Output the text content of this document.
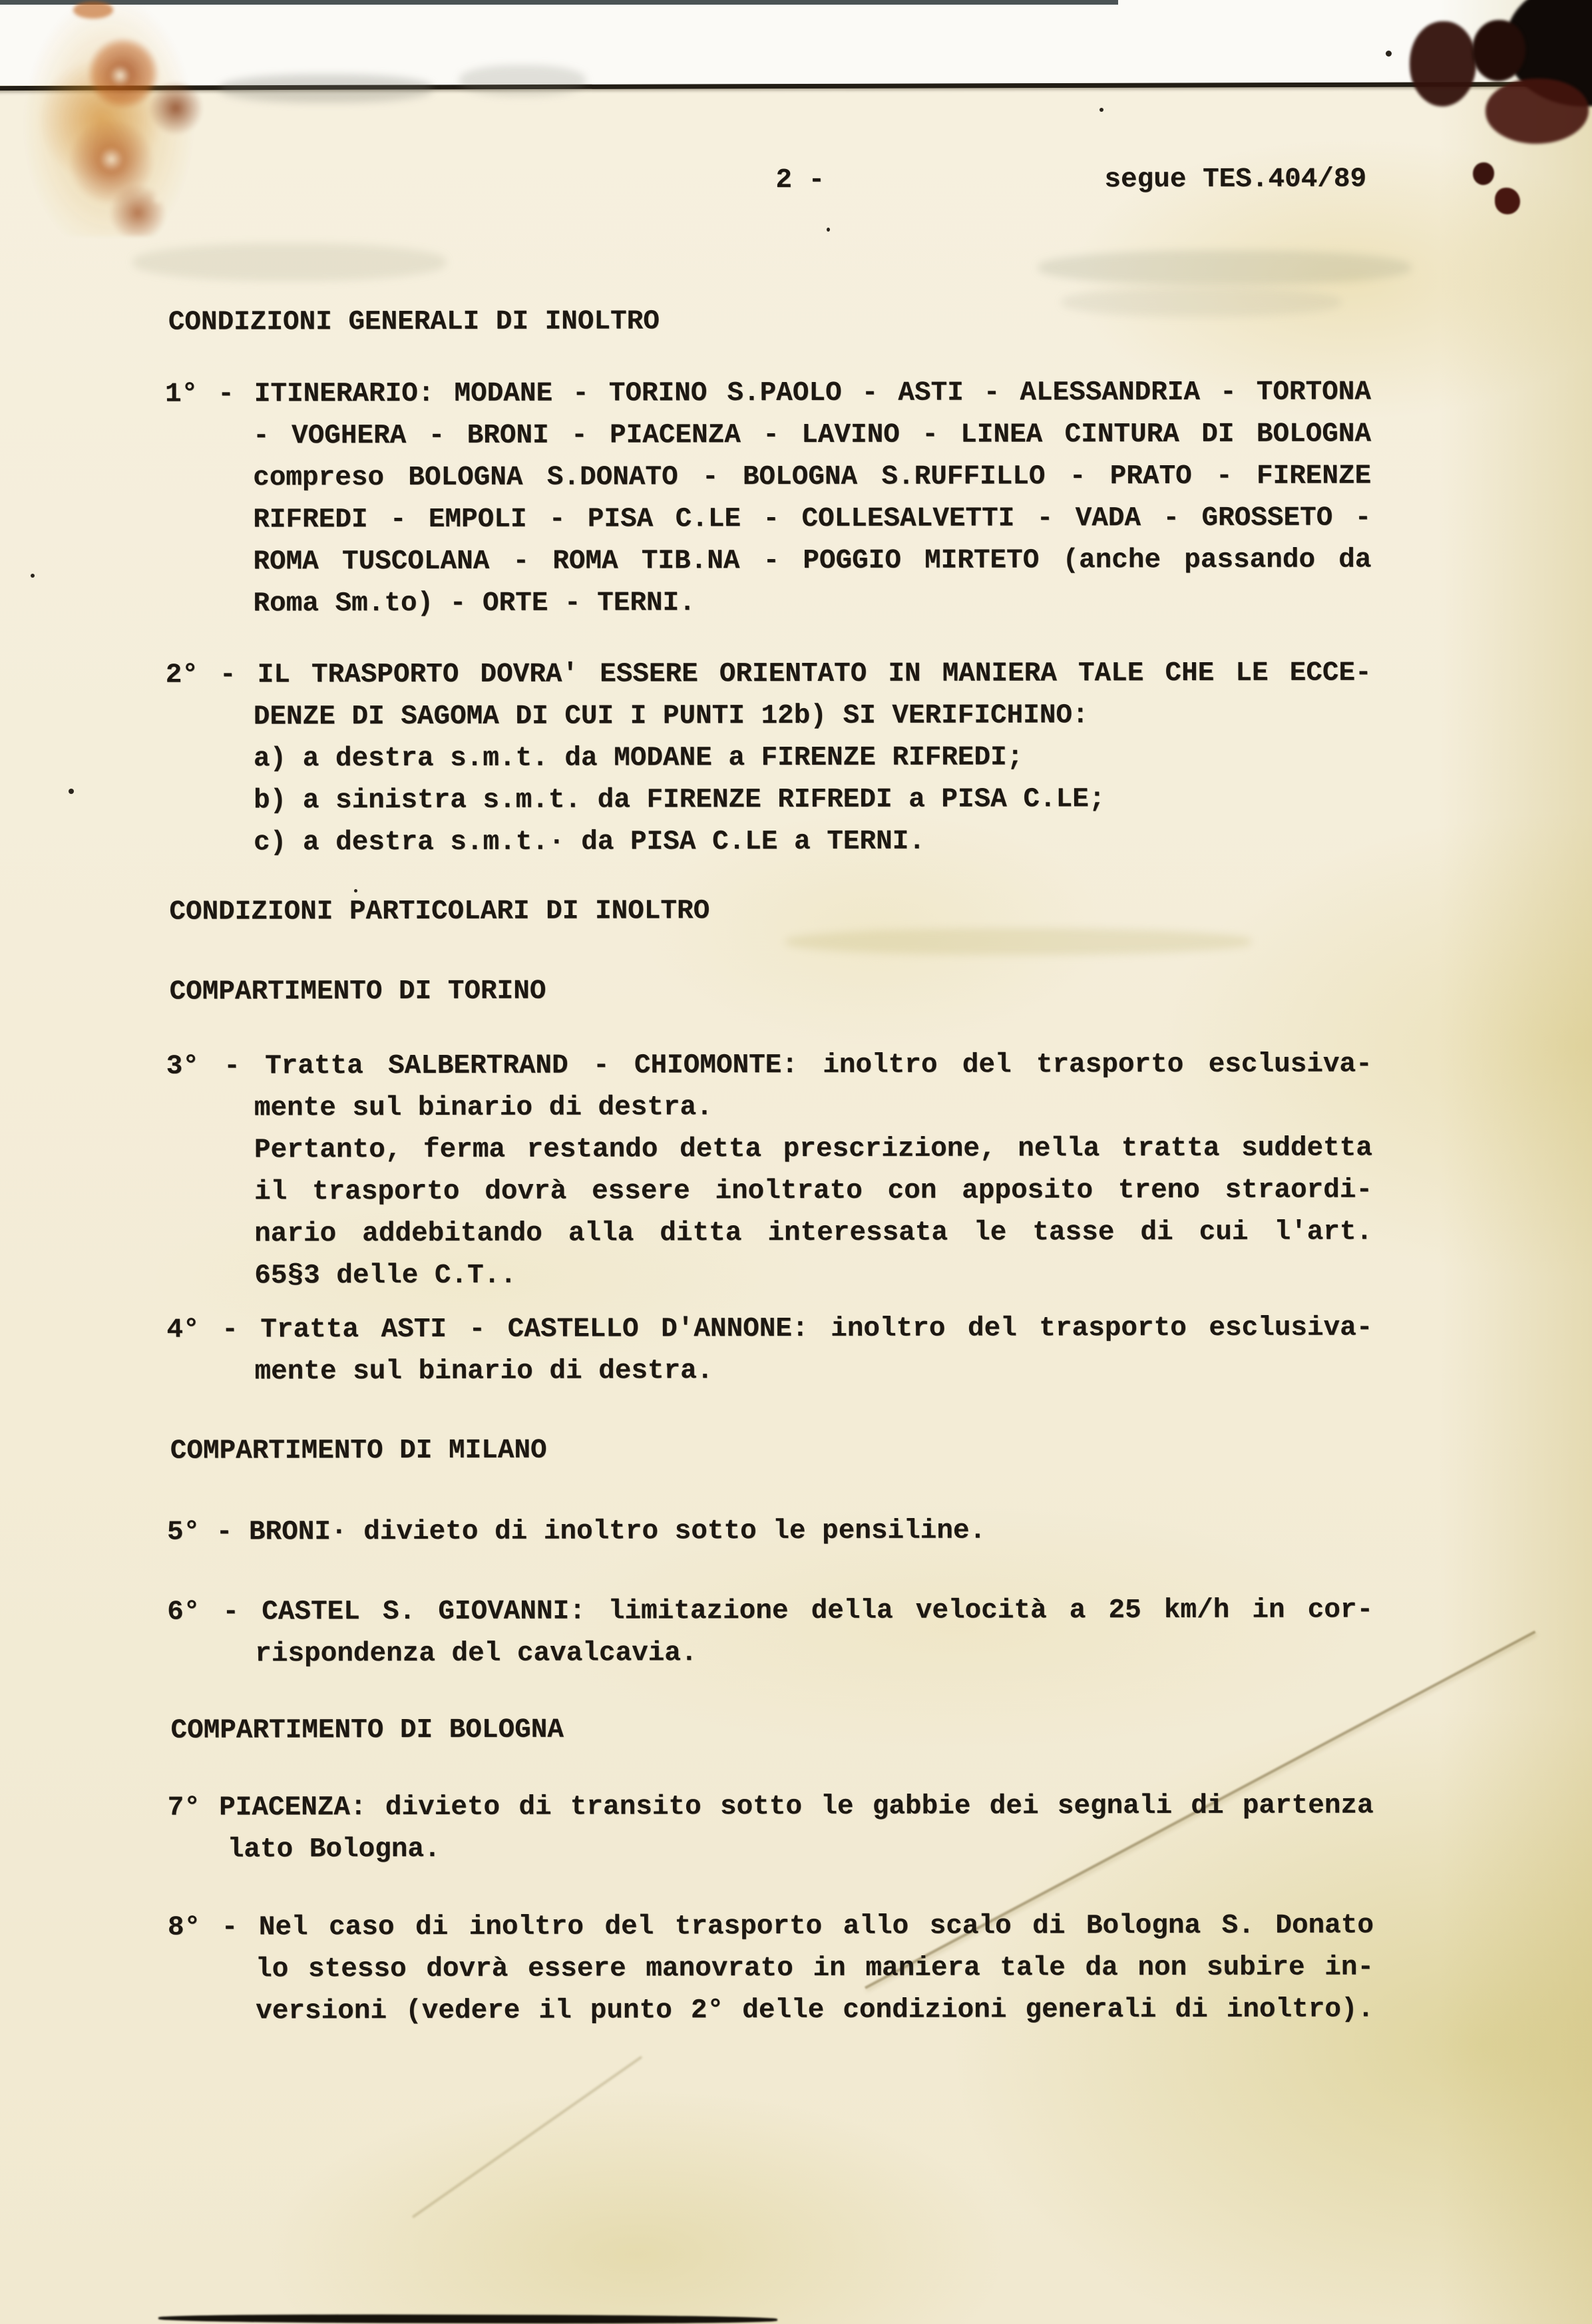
2 -	segue TES.404/89
CONDIZIONI GENERALI DI INOLTRO
1° - ITINERARIO: MODANE - TORINO S.PAOLO - ASTI - ALESSANDRIA - TORTONA
- VOGHERA - BRONI - PIACENZA - LAVINO - LINEA CINTURA DI BOLOGNA
compreso BOLOGNA S.DONATO - BOLOGNA S.RUFFILLO - PRATO - FIRENZE
RIFREDI - EMPOLI - PISA C.LE - COLLESALVETTI - VADA - GROSSETO -
ROMA TUSCOLANA - ROMA TIB.NA - POGGIO MIRTETO (anche passando da
Roma Sm.to) - ORTE - TERNI.
2° - IL TRASPORTO DOVRA' ESSERE ORIENTATO IN MANIERA TALE CHE LE ECCE-
DENZE DI SAGOMA DI CUI I PUNTI 12b) SI VERIFICHINO:
a) a destra s.m.t. da MODANE a FIRENZE RIFREDI;
b) a sinistra s.m.t. da FIRENZE RIFREDI a PISA C.LE;
c) a destra s.m.t.· da PISA C.LE a TERNI.
CONDIZIONI PARTICOLARI DI INOLTRO
COMPARTIMENTO DI TORINO
3° - Tratta SALBERTRAND - CHIOMONTE: inoltro del trasporto esclusiva-
mente sul binario di destra.
Pertanto, ferma restando detta prescrizione, nella tratta suddetta
il trasporto dovrà essere inoltrato con apposito treno straordi-
nario addebitando alla ditta interessata le tasse di cui l'art.
65§3 delle C.T..
4° - Tratta ASTI - CASTELLO D'ANNONE: inoltro del trasporto esclusiva-
mente sul binario di destra.
COMPARTIMENTO DI MILANO
5° - BRONI· divieto di inoltro sotto le pensiline.
6° - CASTEL S. GIOVANNI: limitazione della velocità a 25 km/h in cor-
rispondenza del cavalcavia.
COMPARTIMENTO DI BOLOGNA
7° PIACENZA: divieto di transito sotto le gabbie dei segnali di partenza
lato Bologna.
8° - Nel caso di inoltro del trasporto allo scalo di Bologna S. Donato
lo stesso dovrà essere manovrato in maniera tale da non subire in-
versioni (vedere il punto 2° delle condizioni generali di inoltro).
